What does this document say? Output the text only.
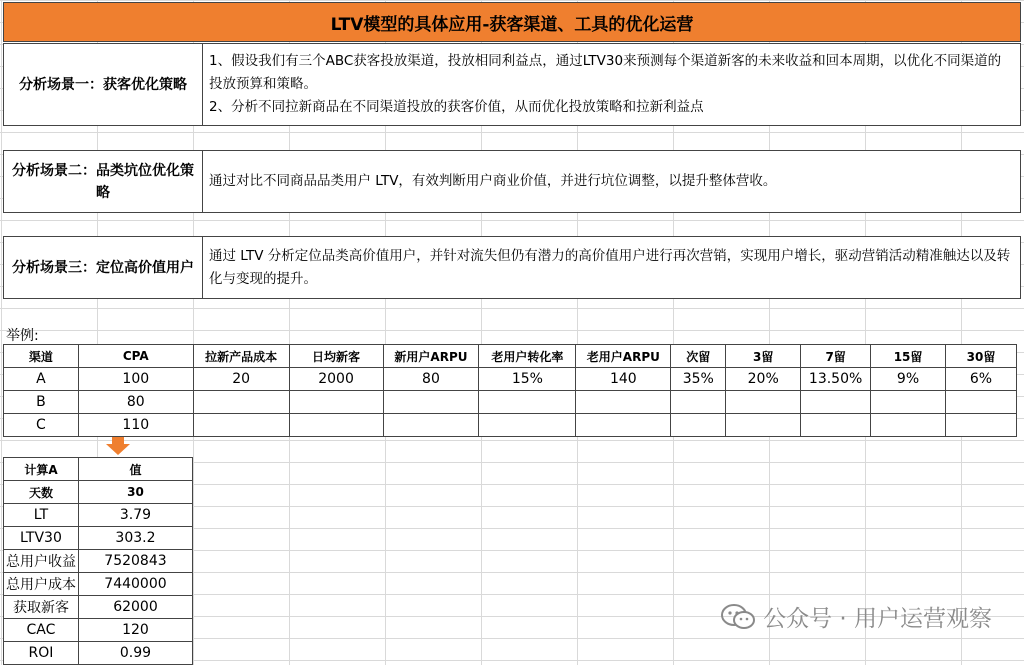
LTV模型的具体应用-获客渠道、工具的优化运营
分析场景一：获客优化策略
1、假设我们有三个ABC获客投放渠道，投放相同利益点，通过LTV30来预测每个渠道新客的未来收益和回本周期，以优化不同渠道的投放预算和策略。
2、分析不同拉新商品在不同渠道投放的获客价值，从而优化投放策略和拉新利益点
分析场景二：品类坑位优化策略
通过对比不同商品品类用户 LTV，有效判断用户商业价值，并进行坑位调整，以提升整体营收。
分析场景三：定位高价值用户
通过 LTV 分析定位品类高价值用户，并针对流失但仍有潜力的高价值用户进行再次营销，实现用户增长，驱动营销活动精准触达以及转化与变现的提升。
举例:
渠道	CPA	拉新产品成本	日均新客	新用户ARPU	老用户转化率	老用户ARPU	次留	3留	7留	15留	30留
A	100	20	2000	80	15%	140	35%	20%	13.50%	9%	6%
B	80										
C	110										
计算A	值
天数	30
LT	3.79
LTV30	303.2
总用户收益	7520843
总用户成本	7440000
获取新客	62000
CAC	120
ROI	0.99
公众号 · 用户运营观察
